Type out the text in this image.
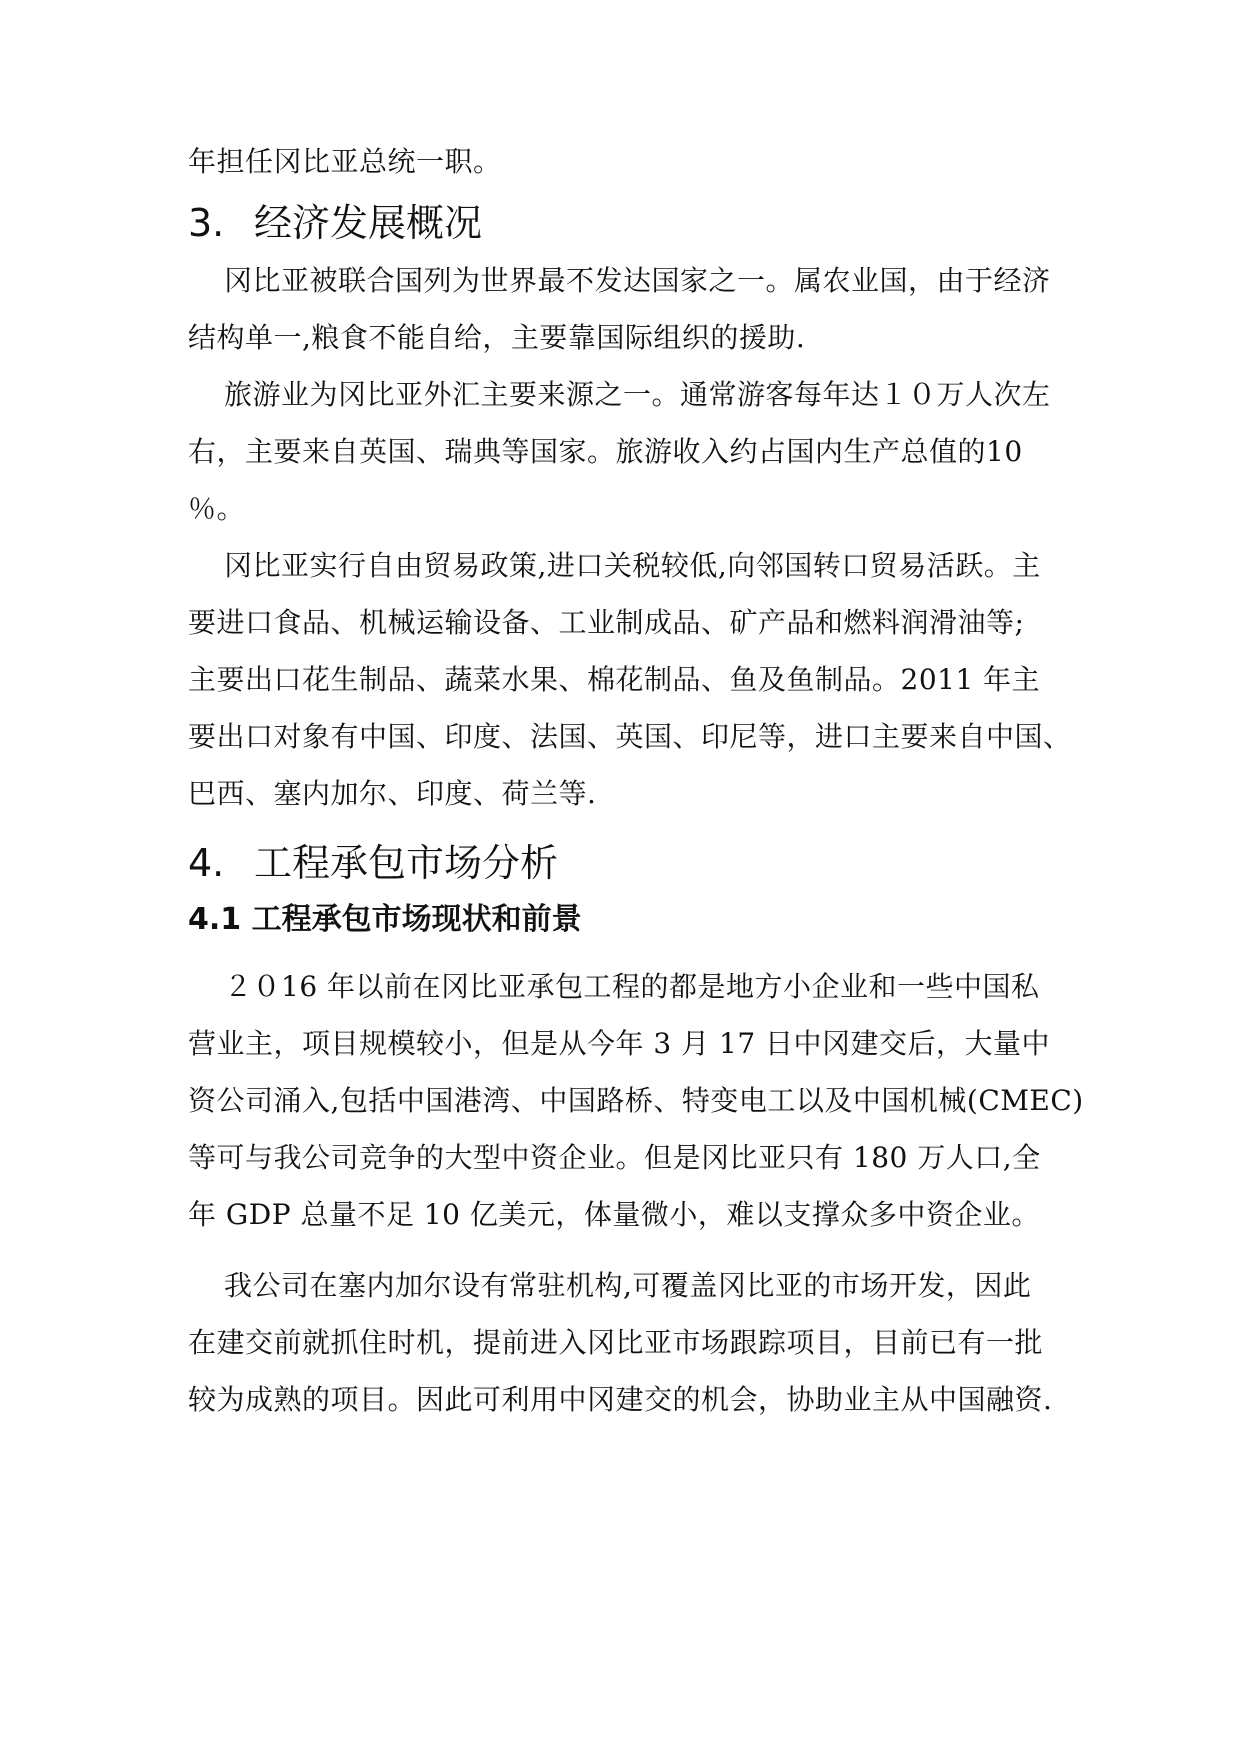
年担任冈比亚总统一职。
3. 经济发展概况
冈比亚被联合国列为世界最不发达国家之一。属农业国，由于经济
结构单一,粮食不能自给，主要靠国际组织的援助.
旅游业为冈比亚外汇主要来源之一。通常游客每年达１０万人次左
右，主要来自英国、瑞典等国家。旅游收入约占国内生产总值的10
％。
冈比亚实行自由贸易政策,进口关税较低,向邻国转口贸易活跃。主
要进口食品、机械运输设备、工业制成品、矿产品和燃料润滑油等;
主要出口花生制品、蔬菜水果、棉花制品、鱼及鱼制品。2011 年主
要出口对象有中国、印度、法国、英国、印尼等，进口主要来自中国、
巴西、塞内加尔、印度、荷兰等.
4. 工程承包市场分析
4.1 工程承包市场现状和前景
２０16 年以前在冈比亚承包工程的都是地方小企业和一些中国私
营业主，项目规模较小，但是从今年 3 月 17 日中冈建交后，大量中
资公司涌入,包括中国港湾、中国路桥、特变电工以及中国机械(CMEC)
等可与我公司竞争的大型中资企业。但是冈比亚只有 180 万人口,全
年 GDP 总量不足 10 亿美元，体量微小，难以支撑众多中资企业。
我公司在塞内加尔设有常驻机构,可覆盖冈比亚的市场开发，因此
在建交前就抓住时机，提前进入冈比亚市场跟踪项目，目前已有一批
较为成熟的项目。因此可利用中冈建交的机会，协助业主从中国融资.
